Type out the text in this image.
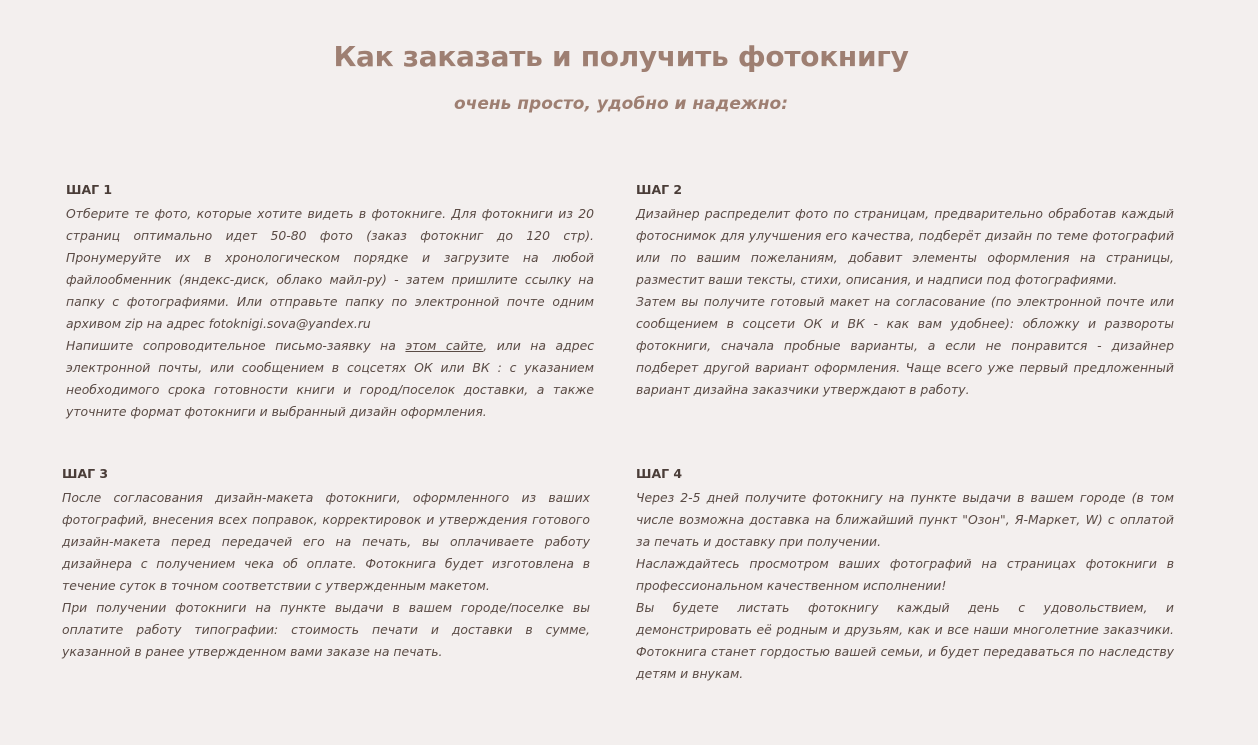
Как заказать и получить фотокнигу
очень просто, удобно и надежно:
ШАГ 1

Отберите те фото, которые хотите видеть в фотокниге. Для фотокниги из 20 страниц оптимально идет 50-80 фото (заказ фотокниг до 120 стр). Пронумеруйте их в хронологическом порядке и загрузите на любой файлообменник (яндекс-диск, облако майл-ру) - затем пришлите ссылку на папку с фотографиями. Или отправьте папку по электронной почте одним архивом zip на адрес fotoknigi.sova@yandex.ru

Напишите сопроводительное письмо-заявку на этом сайте, или на адрес электронной почты, или сообщением в соцсетях ОК или ВК : с указанием необходимого срока готовности книги и город/поселок доставки, а также уточните формат фотокниги и выбранный дизайн оформления.

ШАГ 2

Дизайнер распределит фото по страницам, предварительно обработав каждый фотоснимок для улучшения его качества, подберёт дизайн по теме фотографий или по вашим пожеланиям, добавит элементы оформления на страницы, разместит ваши тексты, стихи, описания, и надписи под фотографиями.

Затем вы получите готовый макет на согласование (по электронной почте или сообщением в соцсети ОК и ВК - как вам удобнее): обложку и развороты фотокниги, сначала пробные варианты, а если не понравится - дизайнер подберет другой вариант оформления. Чаще всего уже первый предложенный вариант дизайна заказчики утверждают в работу.

ШАГ 3

После согласования дизайн-макета фотокниги, оформленного из ваших фотографий, внесения всех поправок, корректировок и утверждения готового дизайн-макета перед передачей его на печать, вы оплачиваете работу дизайнера с получением чека об оплате. Фотокнига будет изготовлена в течение суток в точном соответствии с утвержденным макетом.

При получении фотокниги на пункте выдачи в вашем городе/поселке вы оплатите работу типографии: стоимость печати и доставки в сумме, указанной в ранее утвержденном вами заказе на печать.

ШАГ 4

Через 2-5 дней получите фотокнигу на пункте выдачи в вашем городе (в том числе возможна доставка на ближайший пункт "Озон", Я-Маркет, W) с оплатой за печать и доставку при получении.

Наслаждайтесь просмотром ваших фотографий на страницах фотокниги в профессиональном качественном исполнении!

Вы будете листать фотокнигу каждый день с удовольствием, и демонстрировать её родным и друзьям, как и все наши многолетние заказчики. Фотокнига станет гордостью вашей семьи, и будет передаваться по наследству детям и внукам.
